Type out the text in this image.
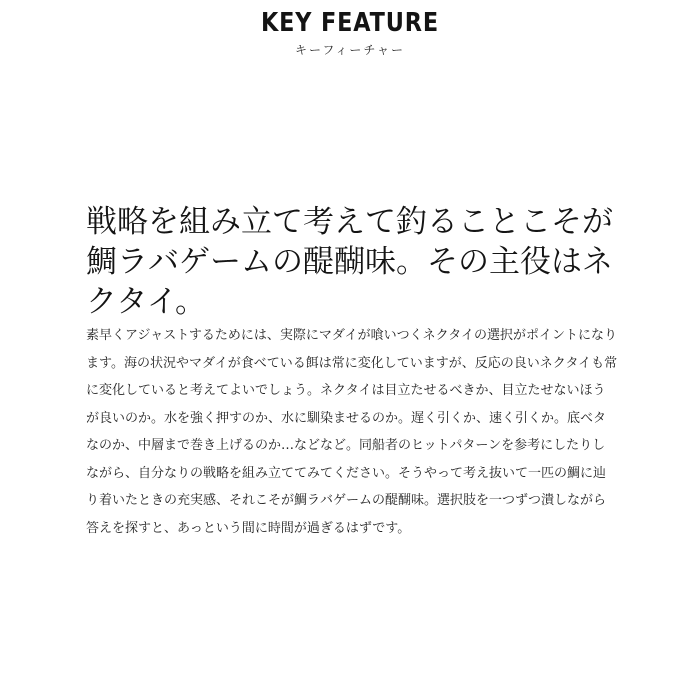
KEY FEATURE
キーフィーチャー
戦略を組み立て考えて釣ることこそが鯛ラバゲームの醍醐味。その主役はネクタイ。
素早くアジャストするためには、実際にマダイが喰いつくネクタイの選択がポイントになります。海の状況やマダイが食べている餌は常に変化していますが、反応の良いネクタイも常に変化していると考えてよいでしょう。ネクタイは目立たせるべきか、目立たせないほうが良いのか。水を強く押すのか、水に馴染ませるのか。遅く引くか、速く引くか。底ベタなのか、中層まで巻き上げるのか…などなど。同船者のヒットパターンを参考にしたりしながら、自分なりの戦略を組み立ててみてください。そうやって考え抜いて一匹の鯛に辿り着いたときの充実感、それこそが鯛ラバゲームの醍醐味。選択肢を一つずつ潰しながら答えを探すと、あっという間に時間が過ぎるはずです。
